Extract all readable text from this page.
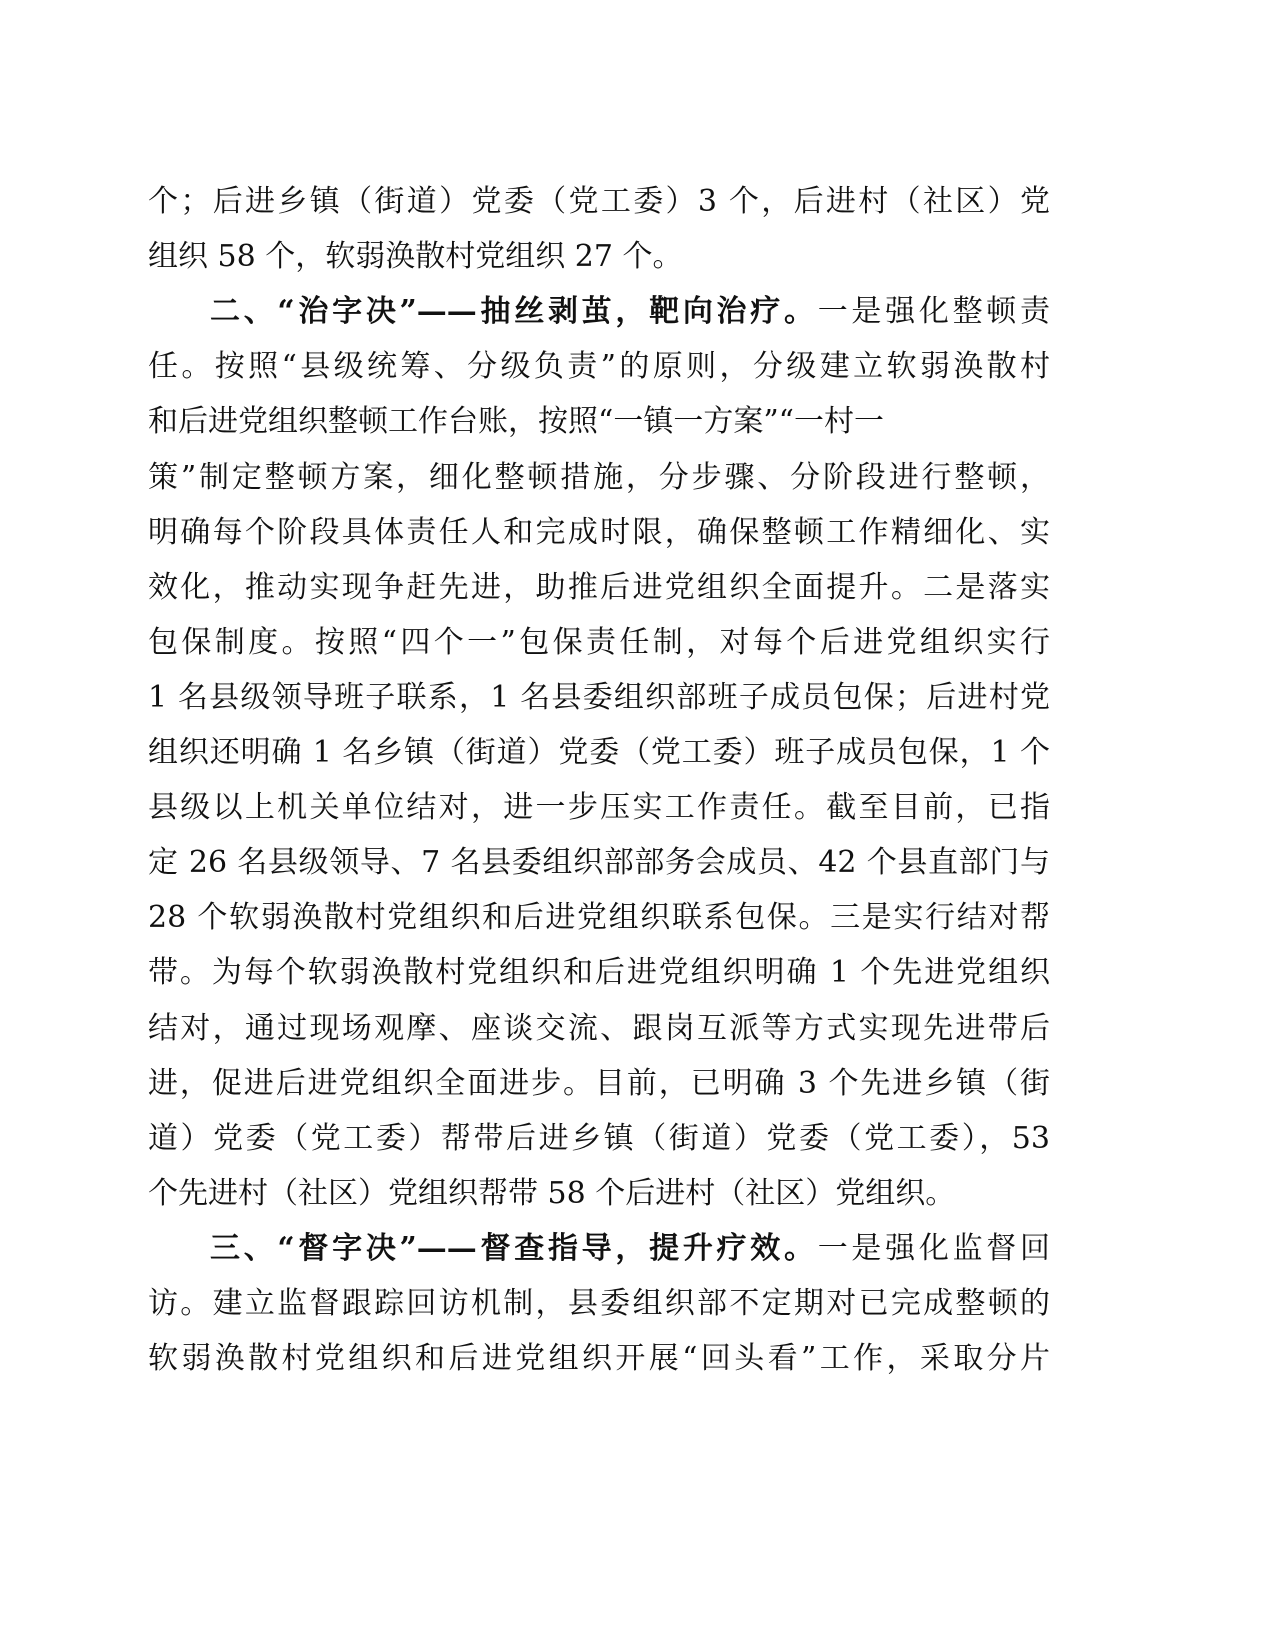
个；后进乡镇（街道）党委（党工委）3 个，后进村（社区）党
组织 58 个，软弱涣散村党组织 27 个。
二、“治字决”——抽丝剥茧，靶向治疗。一是强化整顿责
任。按照“县级统筹、分级负责”的原则，分级建立软弱涣散村
和后进党组织整顿工作台账，按照“一镇一方案”“一村一
策”制定整顿方案，细化整顿措施，分步骤、分阶段进行整顿，
明确每个阶段具体责任人和完成时限，确保整顿工作精细化、实
效化，推动实现争赶先进，助推后进党组织全面提升。二是落实
包保制度。按照“四个一”包保责任制，对每个后进党组织实行
1 名县级领导班子联系，1 名县委组织部班子成员包保；后进村党
组织还明确 1 名乡镇（街道）党委（党工委）班子成员包保，1 个
县级以上机关单位结对，进一步压实工作责任。截至目前，已指
定 26 名县级领导、7 名县委组织部部务会成员、42 个县直部门与
28 个软弱涣散村党组织和后进党组织联系包保。三是实行结对帮
带。为每个软弱涣散村党组织和后进党组织明确 1 个先进党组织
结对，通过现场观摩、座谈交流、跟岗互派等方式实现先进带后
进，促进后进党组织全面进步。目前，已明确 3 个先进乡镇（街
道）党委（党工委）帮带后进乡镇（街道）党委（党工委），53
个先进村（社区）党组织帮带 58 个后进村（社区）党组织。
三、“督字决”——督查指导，提升疗效。一是强化监督回
访。建立监督跟踪回访机制，县委组织部不定期对已完成整顿的
软弱涣散村党组织和后进党组织开展“回头看”工作，采取分片
